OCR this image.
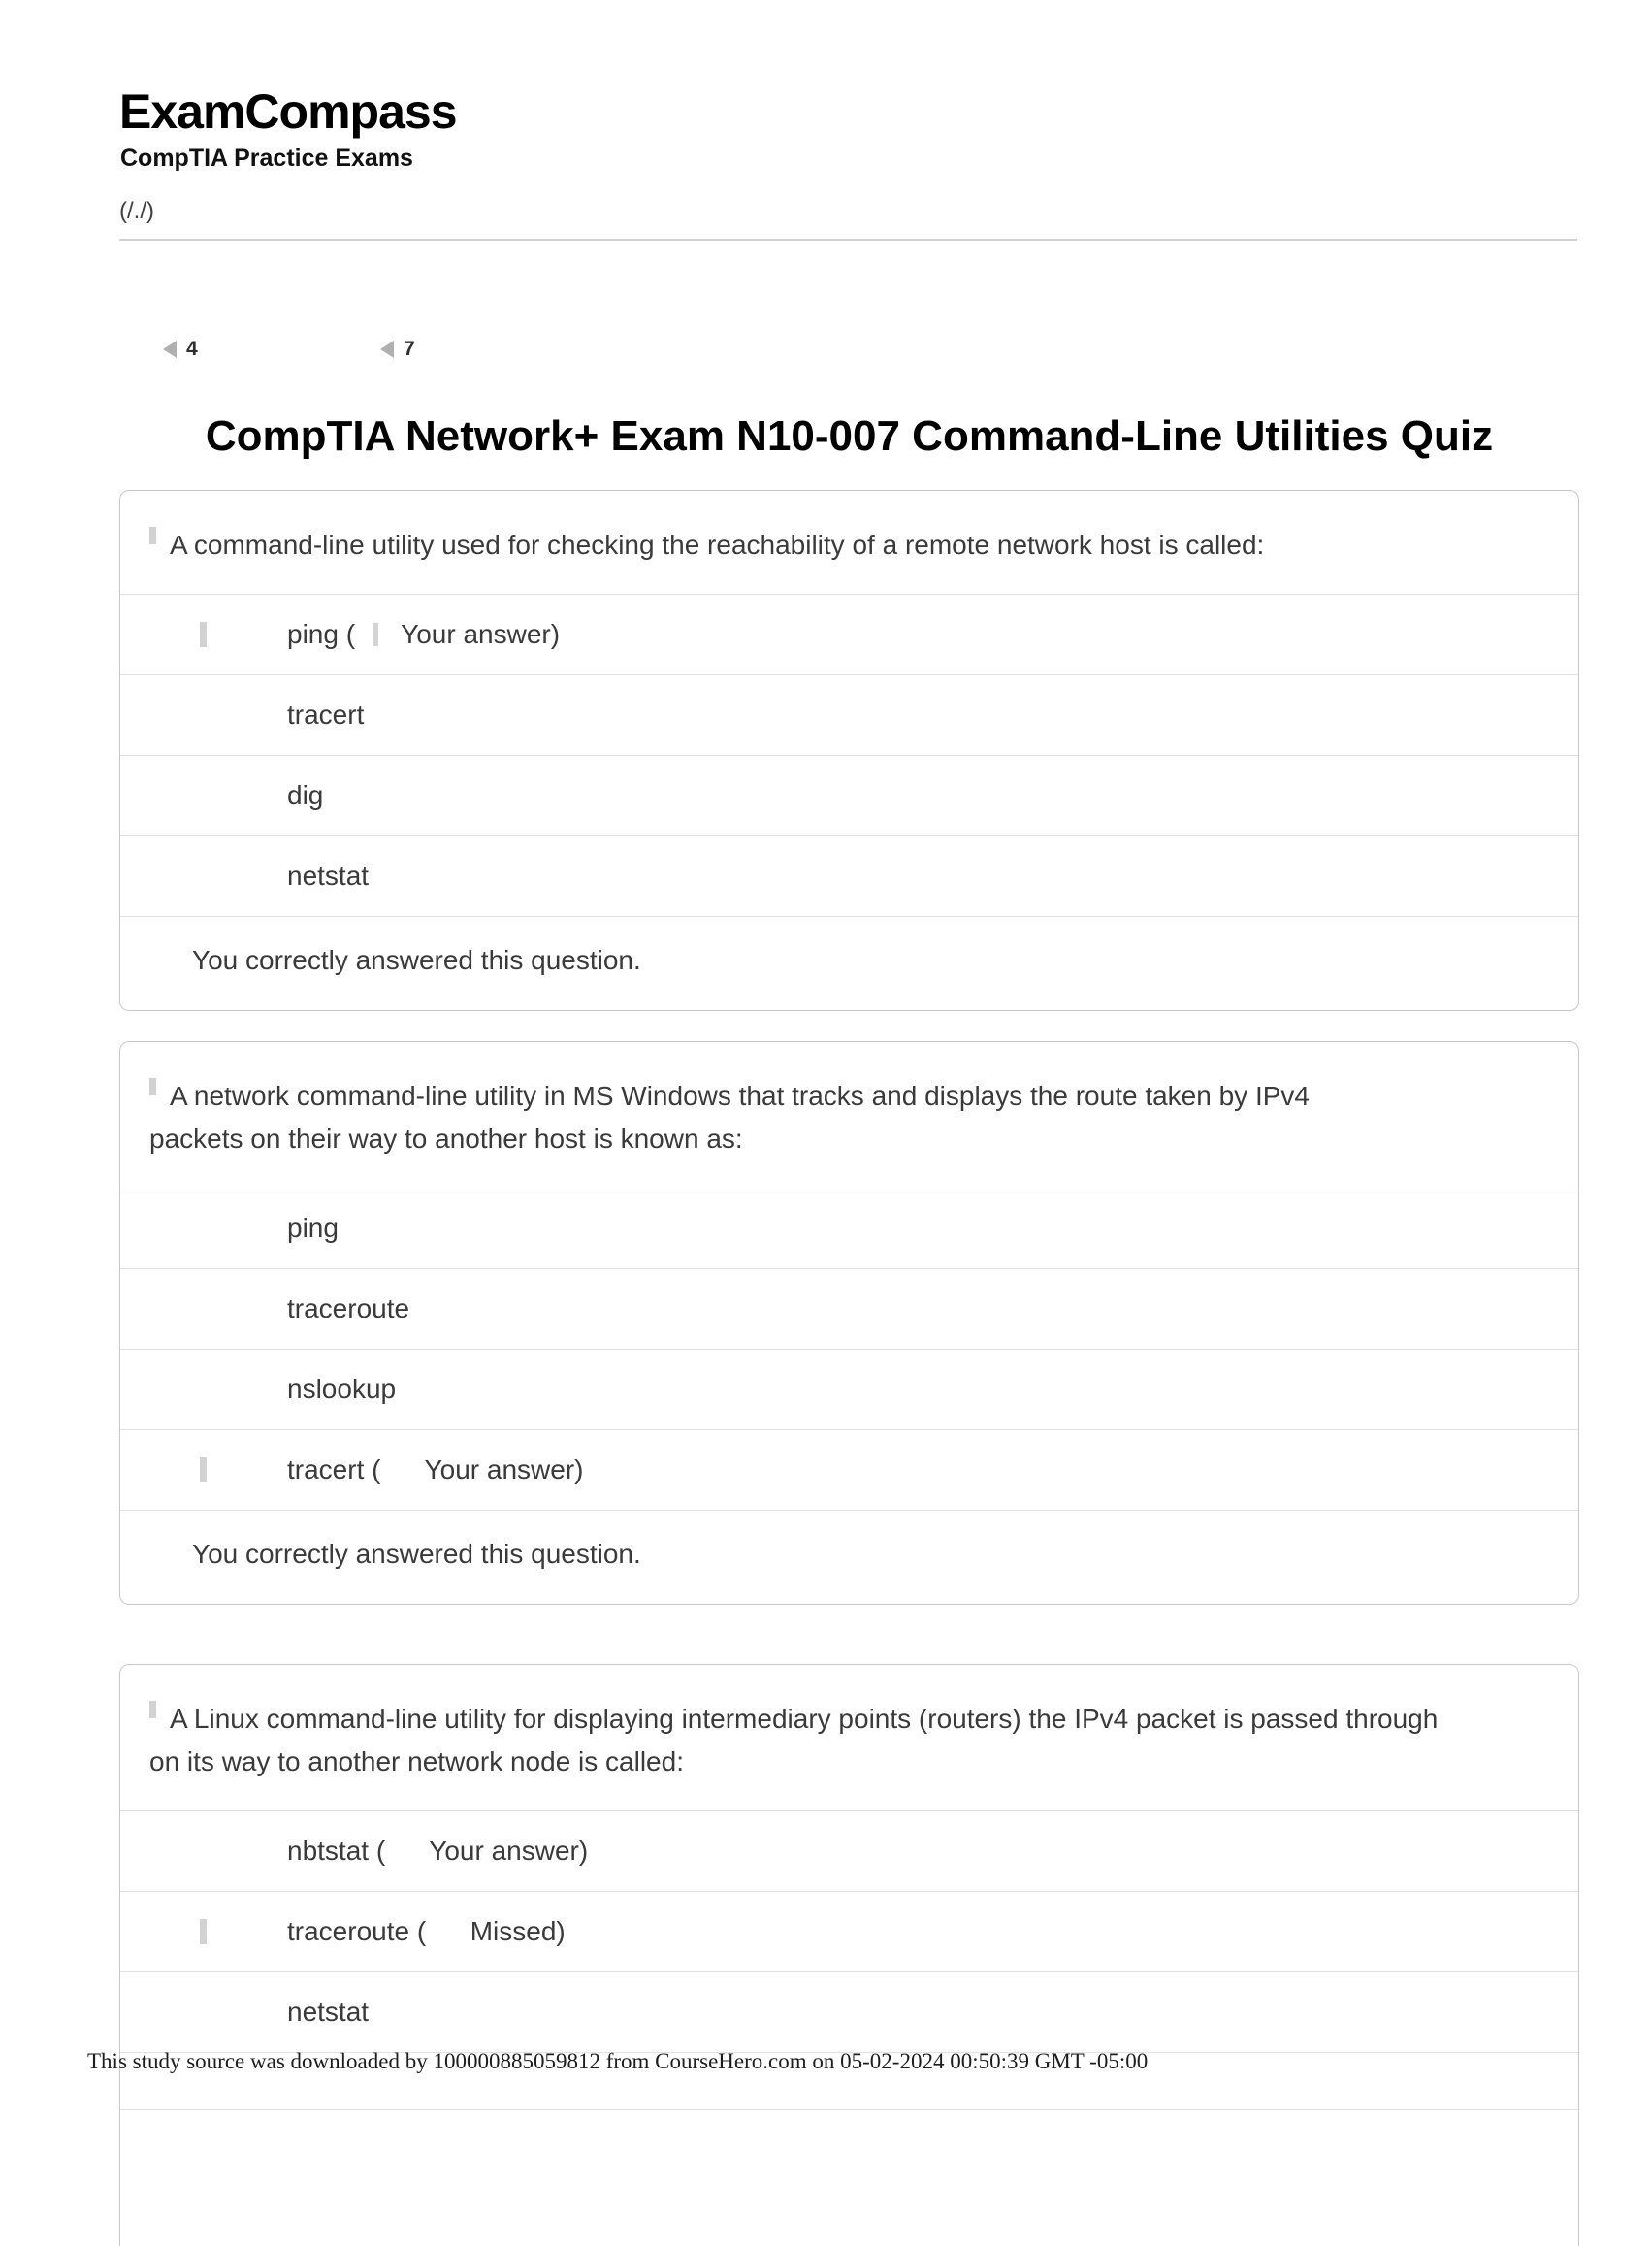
ExamCompass
CompTIA Practice Exams
(/./)
4	7
CompTIA Network+ Exam N10-007 Command-Line Utilities Quiz
A command-line utility used for checking the reachability of a remote network host is called:
ping ( Your answer)
tracert
dig
netstat
You correctly answered this question.
A network command-line utility in MS Windows that tracks and displays the route taken by IPv4 packets on their way to another host is known as:
ping
traceroute
nslookup
tracert ( Your answer)
You correctly answered this question.
A Linux command-line utility for displaying intermediary points (routers) the IPv4 packet is passed through on its way to another network node is called:
nbtstat ( Your answer)
traceroute ( Missed)
netstat
This study source was downloaded by 100000885059812 from CourseHero.com on 05-02-2024 00:50:39 GMT -05:00
